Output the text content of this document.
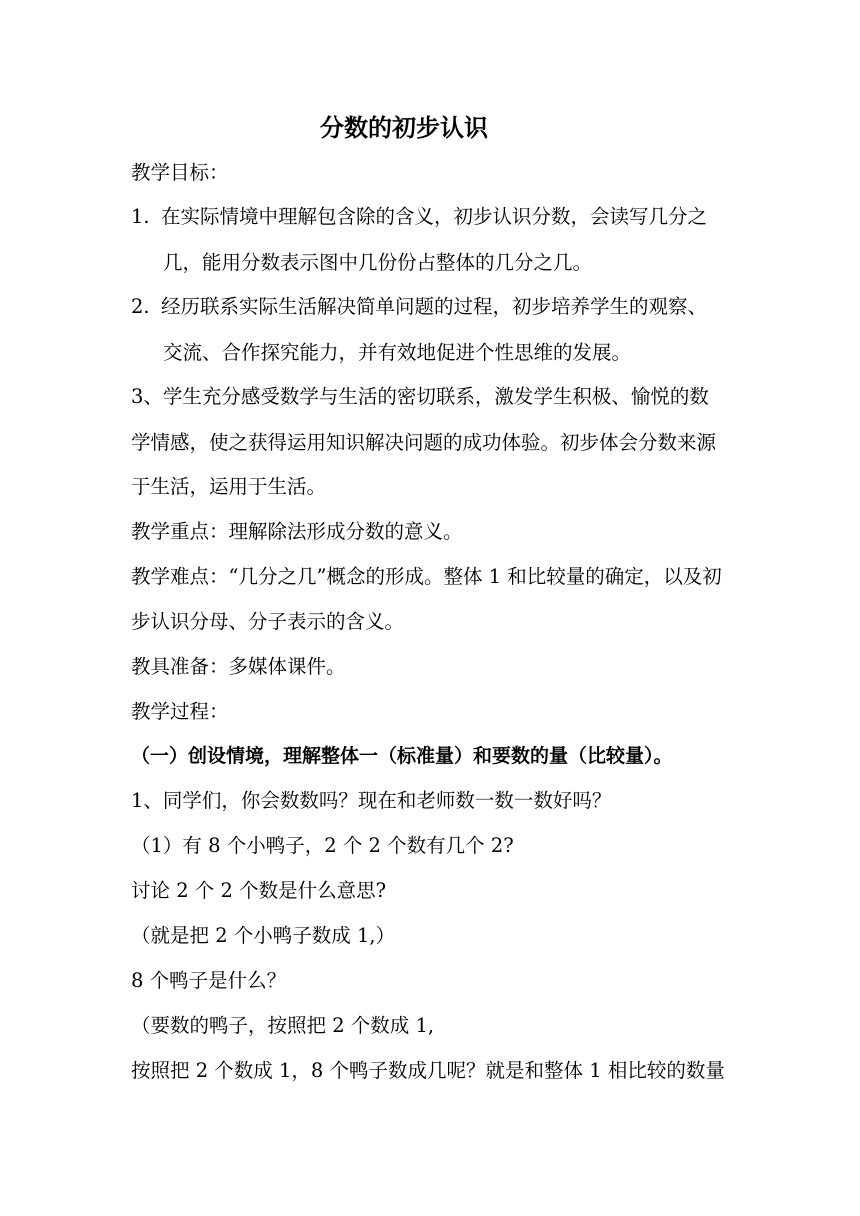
分数的初步认识
教学目标：
1. 在实际情境中理解包含除的含义，初步认识分数，会读写几分之
几，能用分数表示图中几份份占整体的几分之几。
2. 经历联系实际生活解决简单问题的过程，初步培养学生的观察、
交流、合作探究能力，并有效地促进个性思维的发展。
3、学生充分感受数学与生活的密切联系，激发学生积极、愉悦的数
学情感，使之获得运用知识解决问题的成功体验。初步体会分数来源
于生活，运用于生活。
教学重点：理解除法形成分数的意义。
教学难点：“几分之几”概念的形成。整体 1 和比较量的确定，以及初
步认识分母、分子表示的含义。
教具准备：多媒体课件。
教学过程：
（一）创设情境，理解整体一（标准量）和要数的量（比较量）。
1、同学们，你会数数吗？现在和老师数一数一数好吗？
（1）有 8 个小鸭子，2 个 2 个数有几个 2?
讨论 2 个 2 个数是什么意思?
（就是把 2 个小鸭子数成 1,）
8 个鸭子是什么？
（要数的鸭子，按照把 2 个数成 1,
按照把 2 个数成 1，8 个鸭子数成几呢？就是和整体 1 相比较的数量
